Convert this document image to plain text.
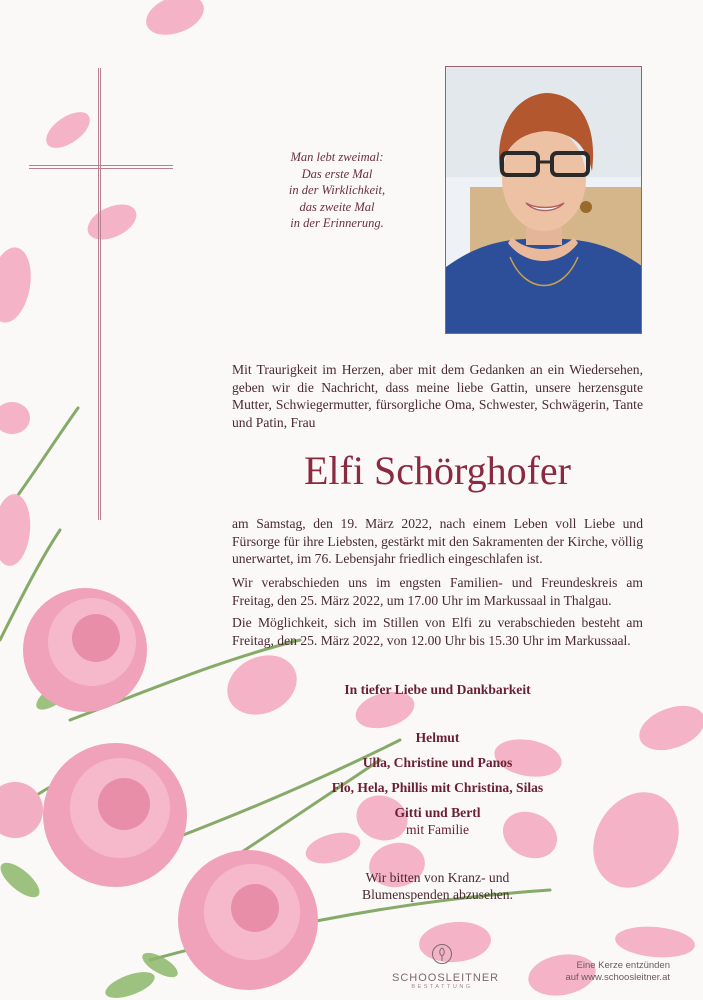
Man lebt zweimal:
Das erste Mal
in der Wirklichkeit,
das zweite Mal
in der Erinnerung.
Mit Traurigkeit im Herzen, aber mit dem Gedanken an ein Wiedersehen, geben wir die Nachricht, dass meine liebe Gattin, unsere herzensgute Mutter, Schwiegermutter, fürsorgliche Oma, Schwester, Schwägerin, Tante und Patin, Frau
Elfi Schörghofer
am Samstag, den 19. März 2022, nach einem Leben voll Liebe und Fürsorge für ihre Liebsten, gestärkt mit den Sakramenten der Kirche, völlig unerwartet, im 76. Lebensjahr friedlich eingeschlafen ist.
Wir verabschieden uns im engsten Familien- und Freundeskreis am Freitag, den 25. März 2022, um 17.00 Uhr im Markussaal in Thalgau.
Die Möglichkeit, sich im Stillen von Elfi zu verabschieden besteht am Freitag, den 25. März 2022, von 12.00 Uhr bis 15.30 Uhr im Markussaal.
In tiefer Liebe und Dankbarkeit
Helmut
Ulla, Christine und Panos
Flo, Hela, Phillis mit Christina, Silas
Gitti und Bertl
mit Familie
Wir bitten von Kranz- und
Blumenspenden abzusehen.
SCHOOSLEITNER
BESTATTUNG
Eine Kerze entzünden
auf www.schoosleitner.at
